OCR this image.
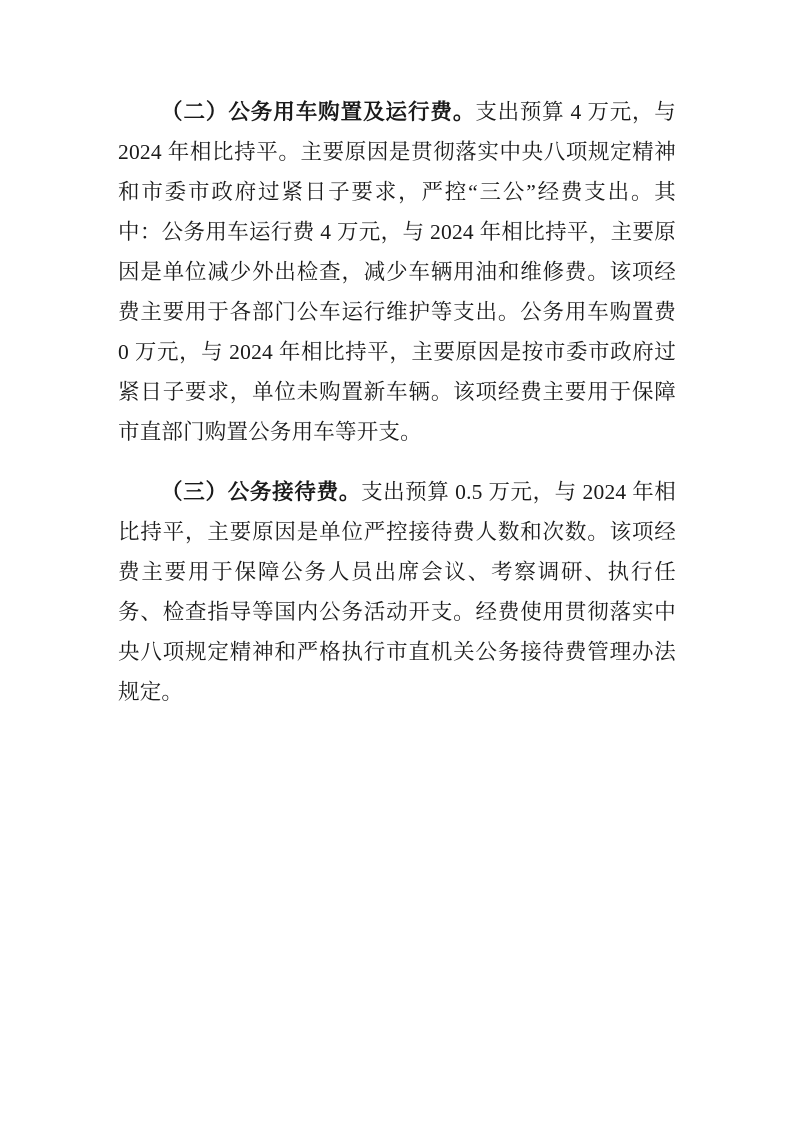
（二）公务用车购置及运行费。支出预算 4 万元，与 2024 年相比持平。主要原因是贯彻落实中央八项规定精神和市委市政府过紧日子要求，严控“三公”经费支出。其中：公务用车运行费 4 万元，与 2024 年相比持平，主要原因是单位减少外出检查，减少车辆用油和维修费。该项经费主要用于各部门公车运行维护等支出。公务用车购置费 0 万元，与 2024 年相比持平，主要原因是按市委市政府过紧日子要求，单位未购置新车辆。该项经费主要用于保障市直部门购置公务用车等开支。

（三）公务接待费。支出预算 0.5 万元，与 2024 年相比持平，主要原因是单位严控接待费人数和次数。该项经费主要用于保障公务人员出席会议、考察调研、执行任务、检查指导等国内公务活动开支。经费使用贯彻落实中央八项规定精神和严格执行市直机关公务接待费管理办法规定。
